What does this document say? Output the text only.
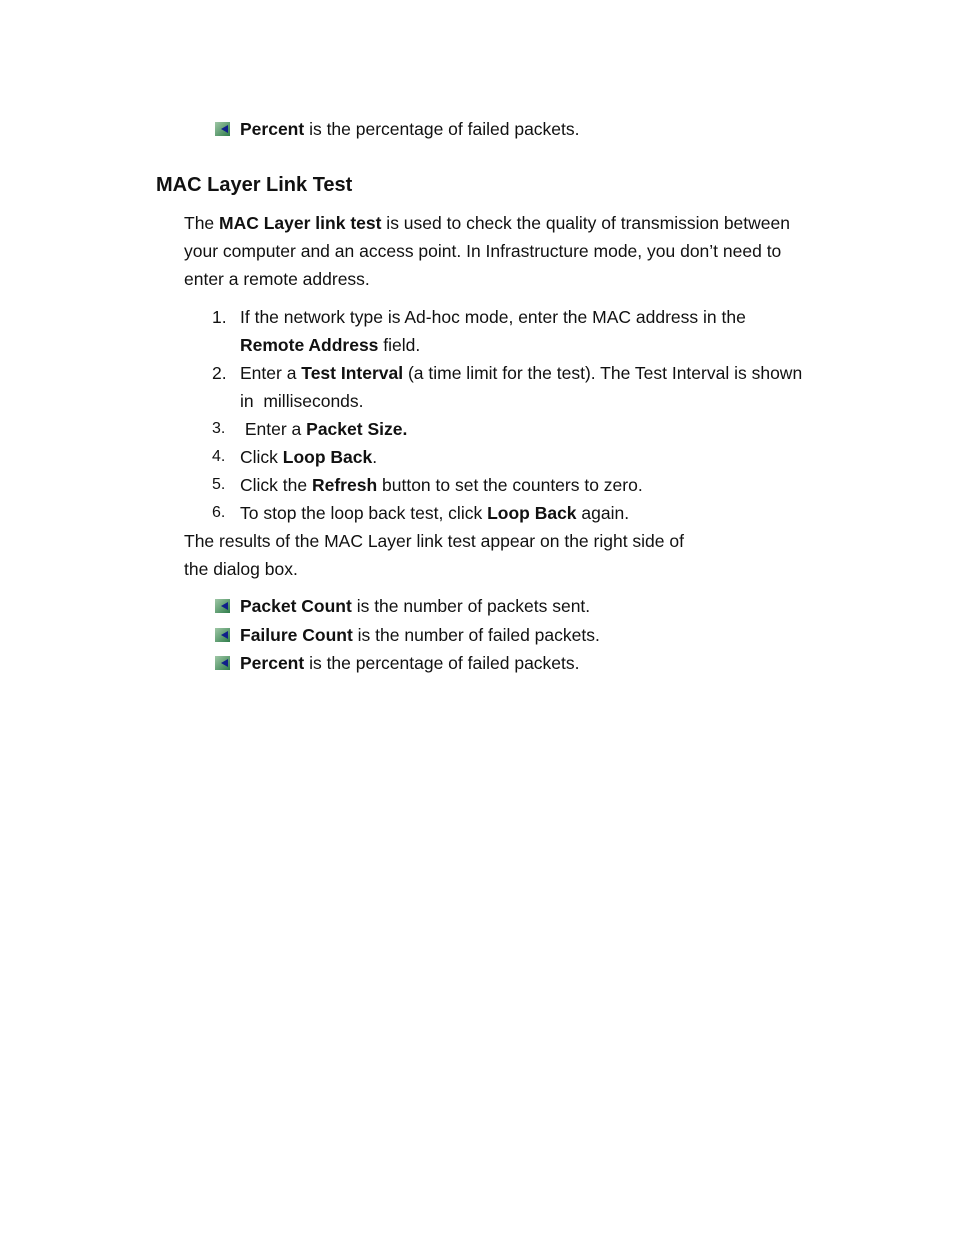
Percent is the percentage of failed packets.
MAC Layer Link Test
The MAC Layer link test is used to check the quality of transmission between
your computer and an access point. In Infrastructure mode, you don’t need to
enter a remote address.
1. If the network type is Ad-hoc mode, enter the MAC address in the
Remote Address field.
2. Enter a Test Interval (a time limit for the test). The Test Interval is shown
in  milliseconds.
3. Enter a Packet Size.
4. Click Loop Back.
5. Click the Refresh button to set the counters to zero.
6. To stop the loop back test, click Loop Back again.
The results of the MAC Layer link test appear on the right side of
the dialog box.
Packet Count is the number of packets sent.
Failure Count is the number of failed packets.
Percent is the percentage of failed packets.
